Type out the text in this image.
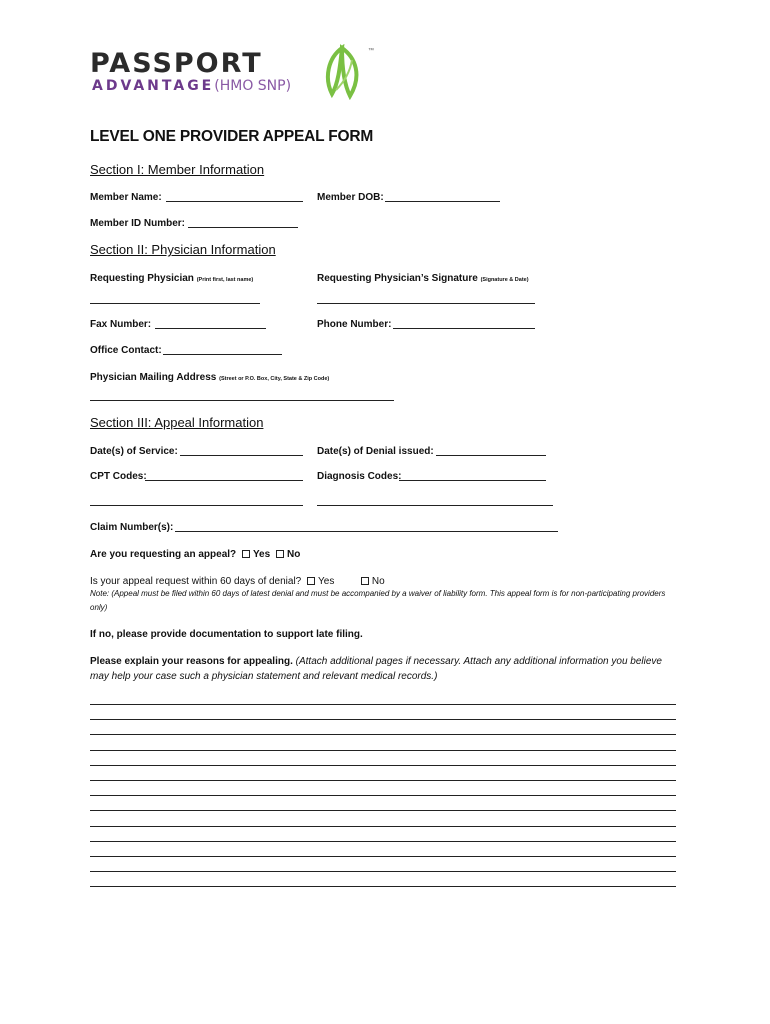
PASSPORT
ADVANTAGE(HMO SNP)
™
LEVEL ONE PROVIDER APPEAL FORM
Section I: Member Information
Member Name:	Member DOB:
Member ID Number:
Section II: Physician Information
Requesting Physician (Print first, last name)	Requesting Physician’s Signature (Signature & Date)
Fax Number:	Phone Number:
Office Contact:
Physician Mailing Address (Street or P.O. Box, City, State & Zip Code)
Section III: Appeal Information
Date(s) of Service:	Date(s) of Denial issued:
CPT Codes:	Diagnosis Codes:
Claim Number(s):
Are you requesting an appeal? Yes No
Is your appeal request within 60 days of denial? Yes	No
Note: (Appeal must be filed within 60 days of latest denial and must be accompanied by a waiver of liability form. This appeal form is for non-participating providers only)
If no, please provide documentation to support late filing.
Please explain your reasons for appealing. (Attach additional pages if necessary. Attach any additional information you believe may help your case such a physician statement and relevant medical records.)
